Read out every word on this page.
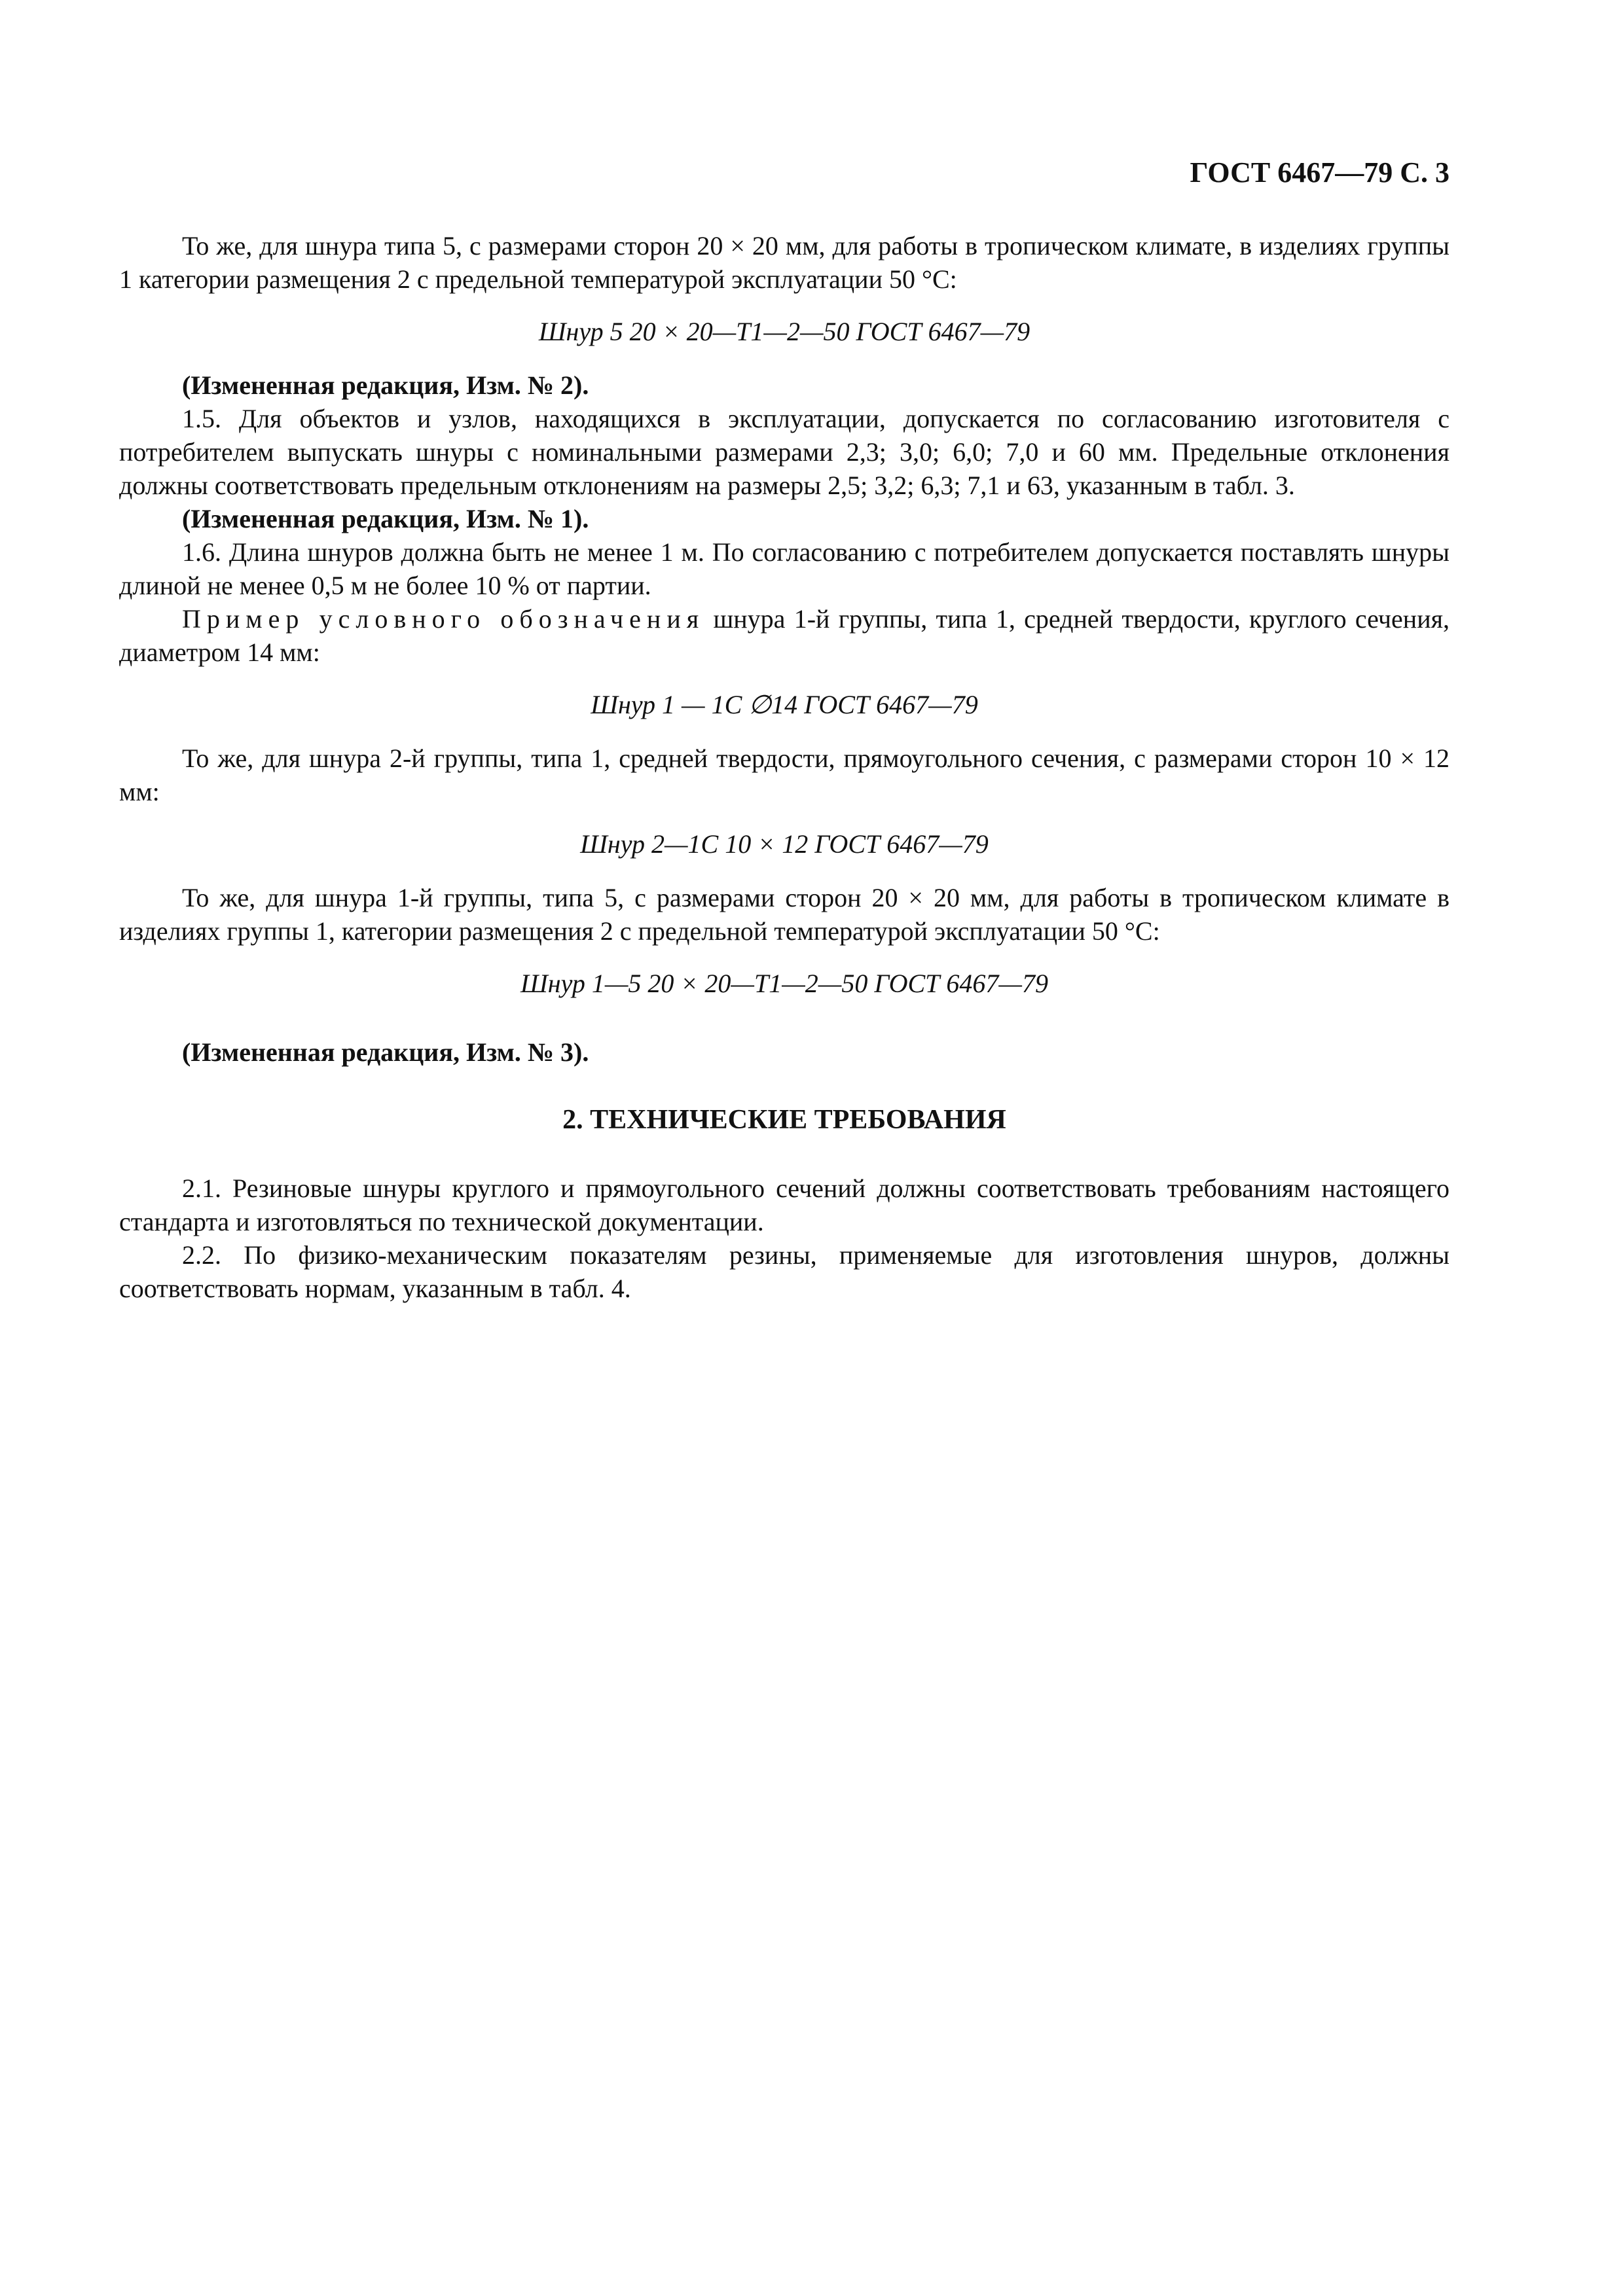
ГОСТ 6467—79 С. 3

То же, для шнура типа 5, с размерами сторон 20 × 20 мм, для работы в тропическом климате, в изделиях группы 1 категории размещения 2 с предельной температурой эксплуатации 50 °С:

Шнур 5 20 × 20—Т1—2—50 ГОСТ 6467—79

(Измененная редакция, Изм. № 2).

1.5. Для объектов и узлов, находящихся в эксплуатации, допускается по согласованию изготовителя с потребителем выпускать шнуры с номинальными размерами 2,3; 3,0; 6,0; 7,0 и 60 мм. Предельные отклонения должны соответствовать предельным отклонениям на размеры 2,5; 3,2; 6,3; 7,1 и 63, указанным в табл. 3.

(Измененная редакция, Изм. № 1).

1.6. Длина шнуров должна быть не менее 1 м. По согласованию с потребителем допускается поставлять шнуры длиной не менее 0,5 м не более 10 % от партии.

Пример условного обозначения шнура 1-й группы, типа 1, средней твердости, круглого сечения, диаметром 14 мм:

Шнур 1 — 1С ∅14 ГОСТ 6467—79

То же, для шнура 2-й группы, типа 1, средней твердости, прямоугольного сечения, с размерами сторон 10 × 12 мм:

Шнур 2—1С 10 × 12 ГОСТ 6467—79

То же, для шнура 1-й группы, типа 5, с размерами сторон 20 × 20 мм, для работы в тропическом климате в изделиях группы 1, категории размещения 2 с предельной температурой эксплуатации 50 °С:

Шнур 1—5 20 × 20—Т1—2—50 ГОСТ 6467—79

(Измененная редакция, Изм. № 3).

2. ТЕХНИЧЕСКИЕ ТРЕБОВАНИЯ

2.1. Резиновые шнуры круглого и прямоугольного сечений должны соответствовать требованиям настоящего стандарта и изготовляться по технической документации.

2.2. По физико-механическим показателям резины, применяемые для изготовления шнуров, должны соответствовать нормам, указанным в табл. 4.
